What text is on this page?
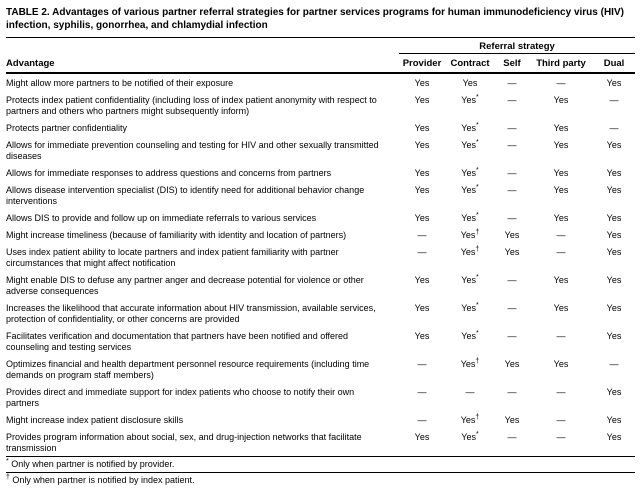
TABLE 2. Advantages of various partner referral strategies for partner services programs for human immunodeficiency virus (HIV) infection, syphilis, gonorrhea, and chlamydial infection
	Referral strategy				
Advantage	Provider	Contract	Self	Third party	Dual
Might allow more partners to be notified of their exposure	Yes	Yes	—	—	Yes
Protects index patient confidentiality (including loss of index patient anonymity with respect to partners and others who partners might subsequently inform)	Yes	Yes*	—	Yes	—
Protects partner confidentiality	Yes	Yes*	—	Yes	—
Allows for immediate prevention counseling and testing for HIV and other sexually transmitted diseases	Yes	Yes*	—	Yes	Yes
Allows for immediate responses to address questions and concerns from partners	Yes	Yes*	—	Yes	Yes
Allows disease intervention specialist (DIS) to identify need for additional behavior change interventions	Yes	Yes*	—	Yes	Yes
Allows DIS to provide and follow up on immediate referrals to various services	Yes	Yes*	—	Yes	Yes
Might increase timeliness (because of familiarity with identity and location of partners)	—	Yes†	Yes	—	Yes
Uses index patient ability to locate partners and index patient familiarity with partner circumstances that might affect notification	—	Yes†	Yes	—	Yes
Might enable DIS to defuse any partner anger and decrease potential for violence or other adverse consequences	Yes	Yes*	—	Yes	Yes
Increases the likelihood that accurate information about HIV transmission, available services, protection of confidentiality, or other concerns are provided	Yes	Yes*	—	Yes	Yes
Facilitates verification and documentation that partners have been notified and offered counseling and testing services	Yes	Yes*	—	—	Yes
Optimizes financial and health department personnel resource requirements (including time demands on program staff members)	—	Yes†	Yes	Yes	—
Provides direct and immediate support for index patients who choose to notify their own partners	—	—	—	—	Yes
Might increase index patient disclosure skills	—	Yes†	Yes	—	Yes
Provides program information about social, sex, and drug-injection networks that facilitate transmission	Yes	Yes*	—	—	Yes
* Only when partner is notified by provider.
† Only when partner is notified by index patient.
